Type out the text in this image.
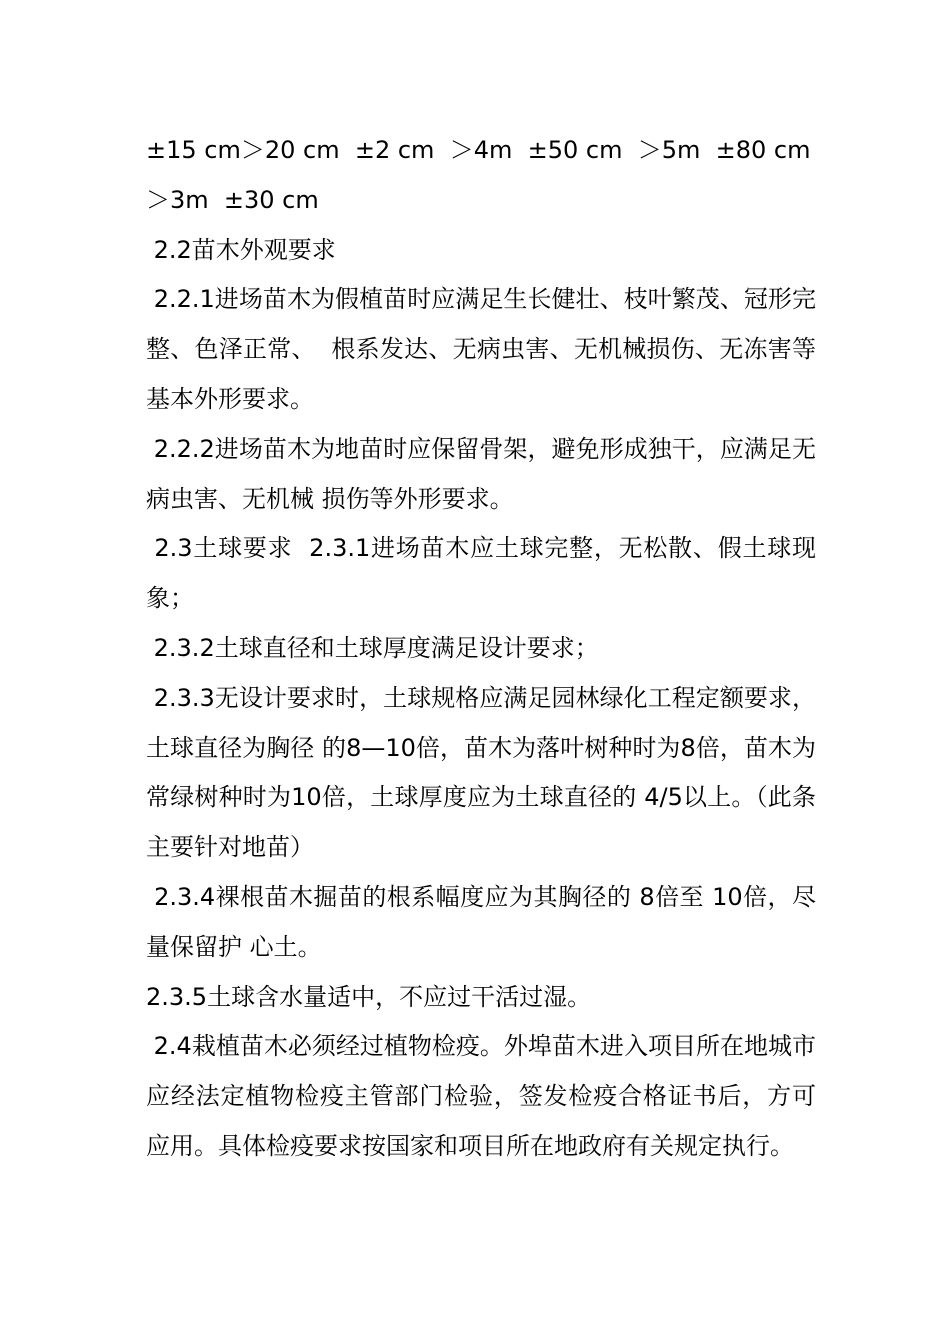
±15 cm＞20 cm  ±2 cm  ＞4m  ±50 cm  ＞5m  ±80 cm  ＞3m  ±30 cm

2.2苗木外观要求

2.2.1进场苗木为假植苗时应满足生长健壮、枝叶繁茂、冠形完整、色泽正常、  根系发达、无病虫害、无机械损伤、无冻害等基本外形要求。

2.2.2进场苗木为地苗时应保留骨架，避免形成独干，应满足无病虫害、无机械 损伤等外形要求。

2.3土球要求  2.3.1进场苗木应土球完整，无松散、假土球现象；

2.3.2土球直径和土球厚度满足设计要求；

2.3.3无设计要求时，土球规格应满足园林绿化工程定额要求，土球直径为胸径 的8—10倍，苗木为落叶树种时为8倍，苗木为常绿树种时为10倍，土球厚度应为土球直径的 4/5以上。（此条主要针对地苗）

2.3.4裸根苗木掘苗的根系幅度应为其胸径的 8倍至 10倍，尽量保留护 心土。

2.3.5土球含水量适中，不应过干活过湿。

2.4栽植苗木必须经过植物检疫。外埠苗木进入项目所在地城市应经法定植物检疫主管部门检验，签发检疫合格证书后，方可应用。具体检疫要求按国家和项目所在地政府有关规定执行。
